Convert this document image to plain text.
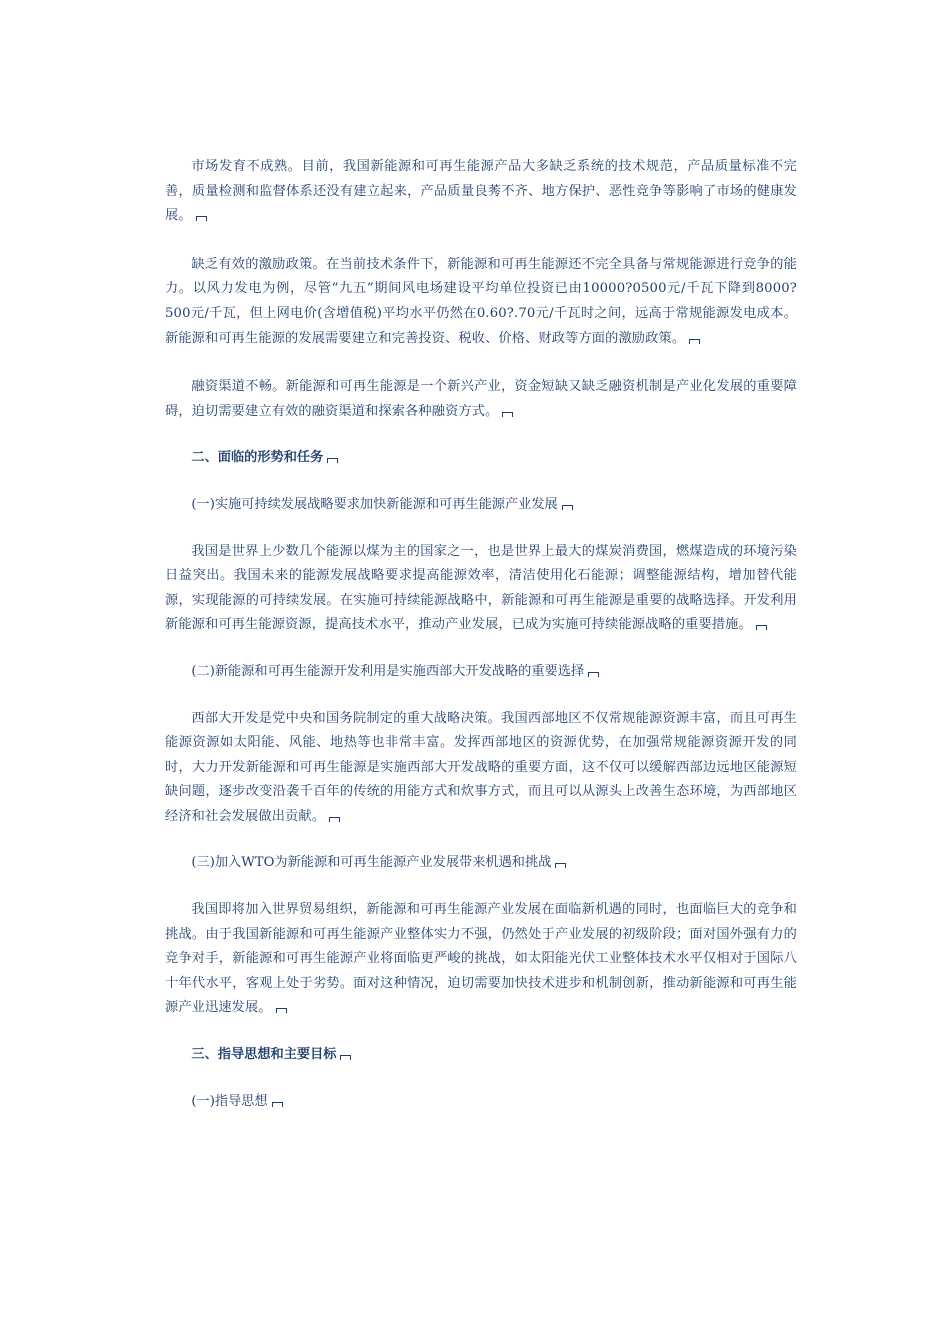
市场发育不成熟。目前，我国新能源和可再生能源产品大多缺乏系统的技术规范，产品质量标准不完善，质量检测和监督体系还没有建立起来，产品质量良莠不齐、地方保护、恶性竞争等影响了市场的健康发展。

缺乏有效的激励政策。在当前技术条件下，新能源和可再生能源还不完全具备与常规能源进行竞争的能力。以风力发电为例，尽管“九五”期间风电场建设平均单位投资已由10000?0500元/千瓦下降到8000?500元/千瓦，但上网电价(含增值税)平均水平仍然在0.60?.70元/千瓦时之间，远高于常规能源发电成本。新能源和可再生能源的发展需要建立和完善投资、税收、价格、财政等方面的激励政策。

融资渠道不畅。新能源和可再生能源是一个新兴产业，资金短缺又缺乏融资机制是产业化发展的重要障碍，迫切需要建立有效的融资渠道和探索各种融资方式。

二、面临的形势和任务

(一)实施可持续发展战略要求加快新能源和可再生能源产业发展

我国是世界上少数几个能源以煤为主的国家之一，也是世界上最大的煤炭消费国，燃煤造成的环境污染日益突出。我国未来的能源发展战略要求提高能源效率，清洁使用化石能源；调整能源结构，增加替代能源，实现能源的可持续发展。在实施可持续能源战略中，新能源和可再生能源是重要的战略选择。开发利用新能源和可再生能源资源，提高技术水平，推动产业发展，已成为实施可持续能源战略的重要措施。

(二)新能源和可再生能源开发利用是实施西部大开发战略的重要选择

西部大开发是党中央和国务院制定的重大战略决策。我国西部地区不仅常规能源资源丰富，而且可再生能源资源如太阳能、风能、地热等也非常丰富。发挥西部地区的资源优势，在加强常规能源资源开发的同时，大力开发新能源和可再生能源是实施西部大开发战略的重要方面，这不仅可以缓解西部边远地区能源短缺问题，逐步改变沿袭千百年的传统的用能方式和炊事方式，而且可以从源头上改善生态环境，为西部地区经济和社会发展做出贡献。

(三)加入WTO为新能源和可再生能源产业发展带来机遇和挑战

我国即将加入世界贸易组织，新能源和可再生能源产业发展在面临新机遇的同时，也面临巨大的竞争和挑战。由于我国新能源和可再生能源产业整体实力不强，仍然处于产业发展的初级阶段；面对国外强有力的竞争对手，新能源和可再生能源产业将面临更严峻的挑战，如太阳能光伏工业整体技术水平仅相对于国际八十年代水平，客观上处于劣势。面对这种情况，迫切需要加快技术进步和机制创新，推动新能源和可再生能源产业迅速发展。

三、指导思想和主要目标

(一)指导思想
